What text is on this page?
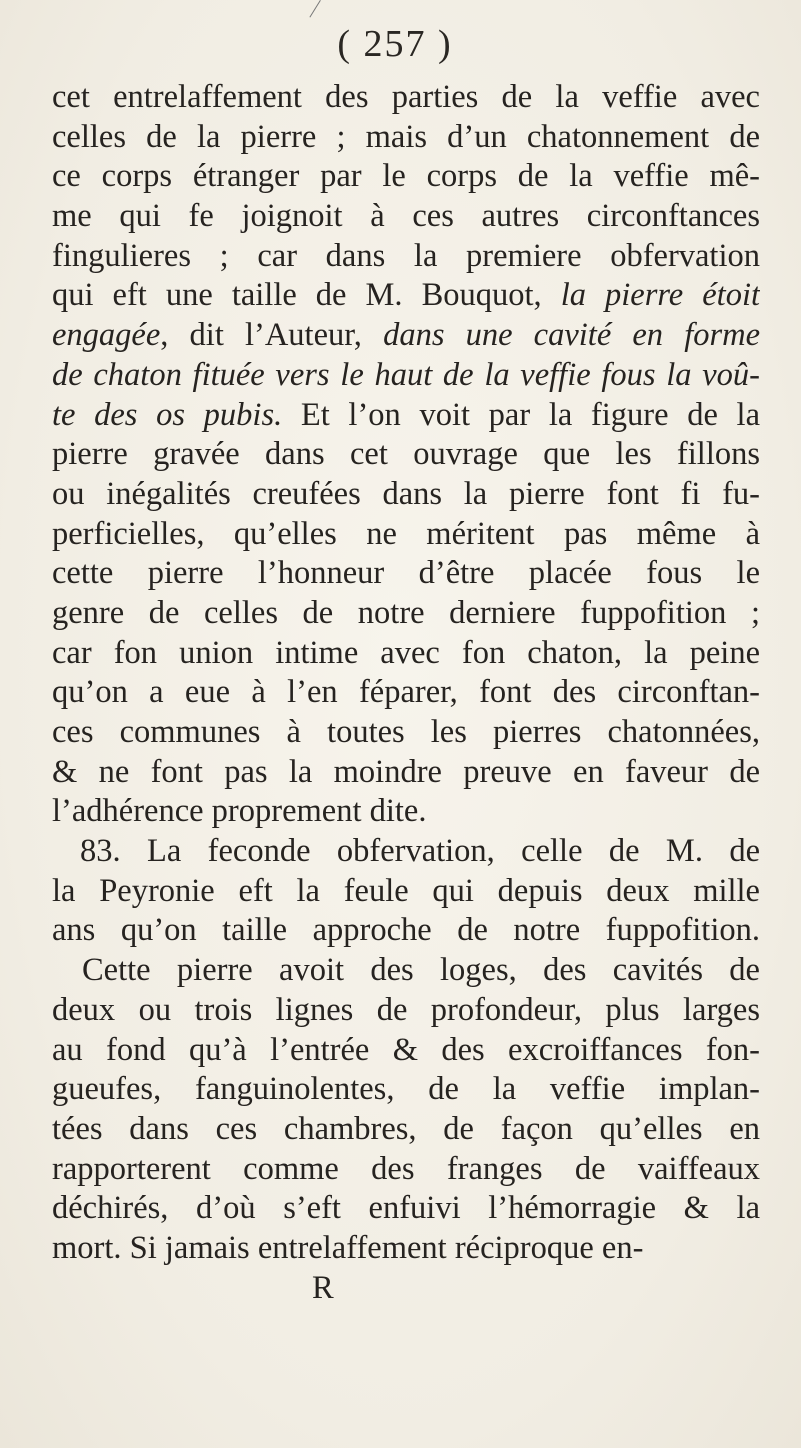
( 257 )
cet entrelaffement des parties de la veffie avec
celles de la pierre ; mais d’un chatonnement de
ce corps étranger par le corps de la veffie mê-
me qui fe joignoit à ces autres circonftances
fingulieres ; car dans la premiere obfervation
qui eft une taille de M. Bouquot, la pierre étoit
engagée, dit l’Auteur, dans une cavité en forme
de chaton fituée vers le haut de la veffie fous la voû-
te des os pubis. Et l’on voit par la figure de la
pierre gravée dans cet ouvrage que les fillons
ou inégalités creufées dans la pierre font fi fu-
perficielles, qu’elles ne méritent pas même à
cette pierre l’honneur d’être placée fous le
genre de celles de notre derniere fuppofition ;
car fon union intime avec fon chaton, la peine
qu’on a eue à l’en féparer, font des circonftan-
ces communes à toutes les pierres chatonnées,
& ne font pas la moindre preuve en faveur de
l’adhérence proprement dite.
83. La feconde obfervation, celle de M. de
la Peyronie eft la feule qui depuis deux mille
ans qu’on taille approche de notre fuppofition.
Cette pierre avoit des loges, des cavités de
deux ou trois lignes de profondeur, plus larges
au fond qu’à l’entrée & des excroiffances fon-
gueufes, fanguinolentes, de la veffie implan-
tées dans ces chambres, de façon qu’elles en
rapporterent comme des franges de vaiffeaux
déchirés, d’où s’eft enfuivi l’hémorragie & la
mort. Si jamais entrelaffement réciproque en-
R
